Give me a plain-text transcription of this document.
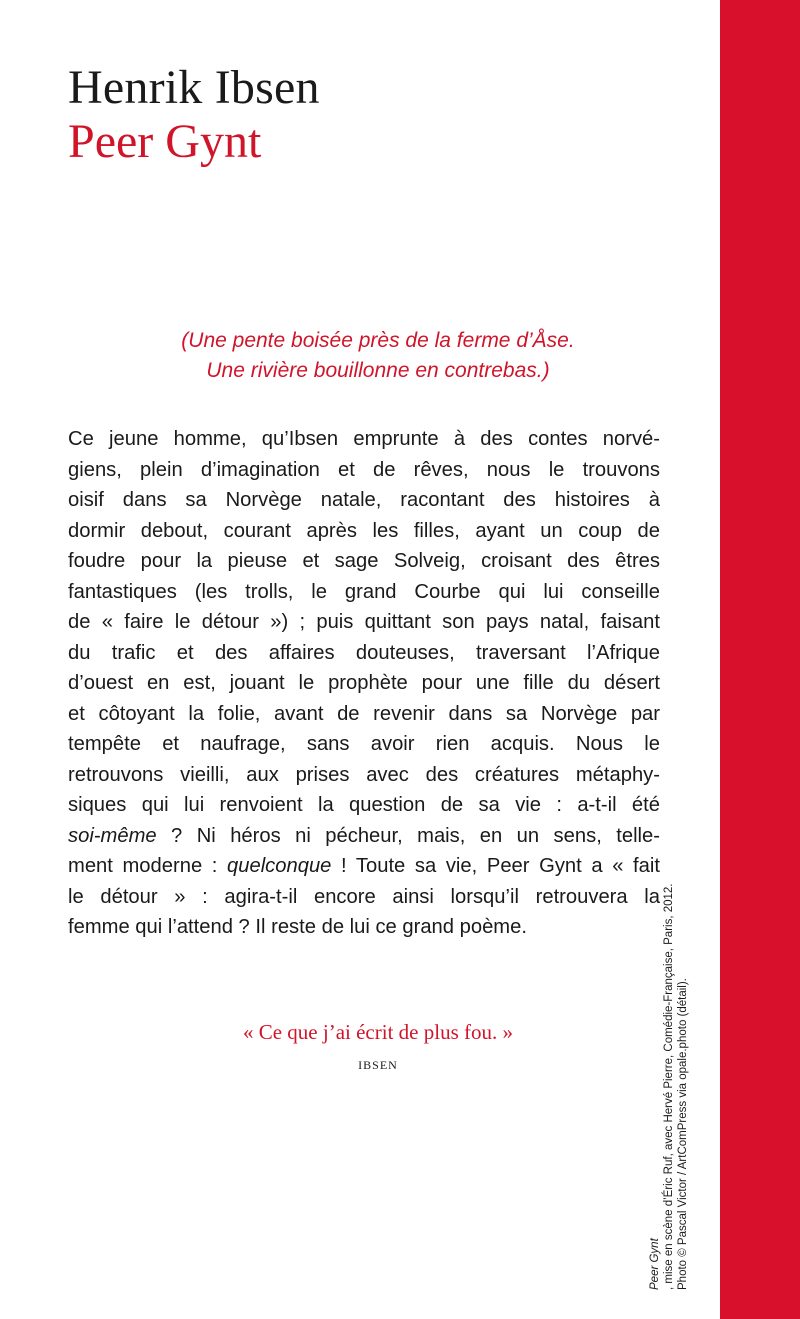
Henrik Ibsen
Peer Gynt
(Une pente boisée près de la ferme d’Åse.
Une rivière bouillonne en contrebas.)
Ce jeune homme, qu’Ibsen emprunte à des contes norvé-
giens, plein d’imagination et de rêves, nous le trouvons
oisif dans sa Norvège natale, racontant des histoires à
dormir debout, courant après les filles, ayant un coup de
foudre pour la pieuse et sage Solveig, croisant des êtres
fantastiques (les trolls, le grand Courbe qui lui conseille
de « faire le détour ») ; puis quittant son pays natal, faisant
du trafic et des affaires douteuses, traversant l’Afrique
d’ouest en est, jouant le prophète pour une fille du désert
et côtoyant la folie, avant de revenir dans sa Norvège par
tempête et naufrage, sans avoir rien acquis. Nous le
retrouvons vieilli, aux prises avec des créatures métaphy-
siques qui lui renvoient la question de sa vie : a-t-il été
soi-même ? Ni héros ni pécheur, mais, en un sens, telle-
ment moderne : quelconque ! Toute sa vie, Peer Gynt a « fait
le détour » : agira-t-il encore ainsi lorsqu’il retrouvera la
femme qui l’attend ? Il reste de lui ce grand poème.
« Ce que j’ai écrit de plus fou. »
IBSEN
Peer Gynt , mise en scène d’Éric Ruf, avec Hervé Pierre, Comédie-Française, Paris, 2012. Photo © Pascal Victor / ArtComPress via opale.photo (détail).
